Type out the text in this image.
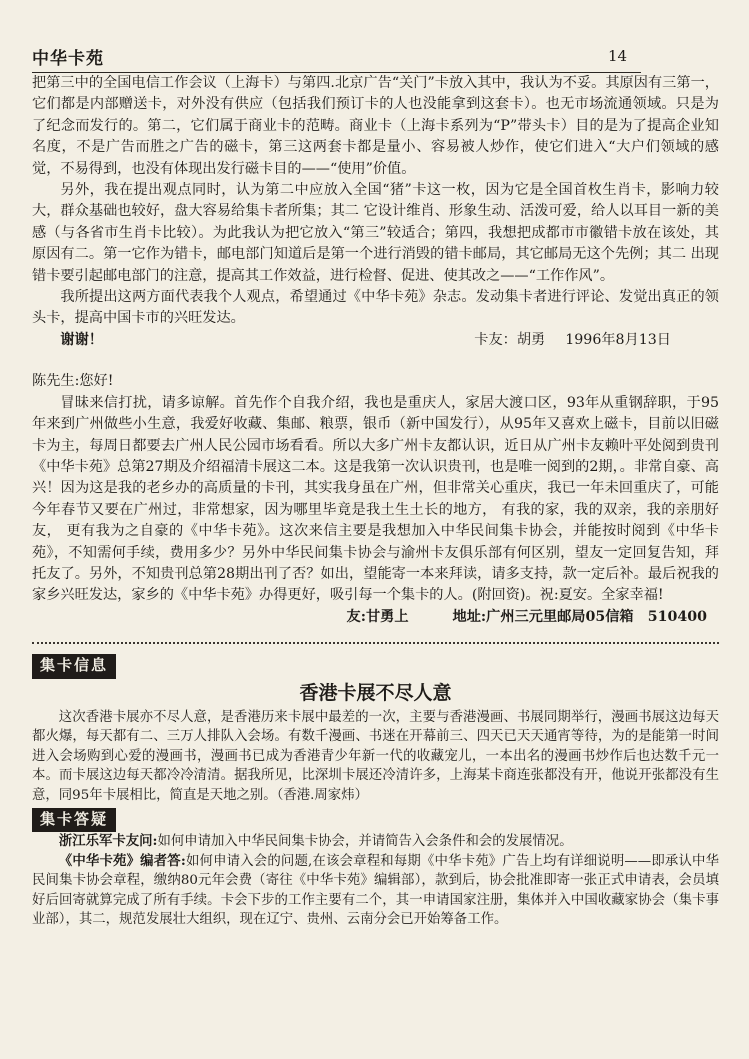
中华卡苑	14

把第三中的全国电信工作会议（上海卡）与第四.北京广告“关门”卡放入其中，我认为不妥。其原因有三第一，它们都是内部赠送卡，对外没有供应（包括我们预订卡的人也没能拿到这套卡）。也无市场流通领域。只是为了纪念而发行的。第二，它们属于商业卡的范畴。商业卡（上海卡系列为“P”带头卡）目的是为了提高企业知名度，不是广告而胜之广告的磁卡，第三这两套卡都是量小、容易被人炒作，使它们进入“大户们领域的感觉，不易得到，也没有体现出发行磁卡目的——“使用”价值。

另外，我在提出观点同时，认为第二中应放入全国“猪”卡这一枚，因为它是全国首枚生肖卡，影响力较大，群众基础也较好，盘大容易给集卡者所集；其二 它设计维肖、形象生动、活泼可爱，给人以耳目一新的美感（与各省市生肖卡比较）。为此我认为把它放入“第三”较适合；第四，我想把成都市市徽错卡放在该处，其原因有二。第一它作为错卡，邮电部门知道后是第一个进行消毁的错卡邮局，其它邮局无这个先例；其二 出现错卡要引起邮电部门的注意，提高其工作效益，进行检督、促进、使其改之——“工作作风”。

我所提出这两方面代表我个人观点，希望通过《中华卡苑》杂志。发动集卡者进行评论、发觉出真正的领头卡，提高中国卡市的兴旺发达。

卡友：胡勇 1996年8月13日

谢谢！

陈先生:您好!

冒昧来信打扰，请多谅解。首先作个自我介绍，我也是重庆人，家居大渡口区，93年从重钢辞职，于95年来到广州做些小生意，我爱好收藏、集邮、粮票，银币（新中国发行），从95年又喜欢上磁卡，目前以旧磁卡为主，每周日都要去广州人民公园市场看看。所以大多广州卡友都认识，近日从广州卡友赖叶平处阅到贵刊《中华卡苑》总第27期及介绍福清卡展这二本。这是我第一次认识贵刊，也是唯一阅到的2期，。非常自豪、高兴！因为这是我的老乡办的高质量的卡刊，其实我身虽在广州，但非常关心重庆，我已一年未回重庆了，可能今年春节又要在广州过，非常想家，因为哪里毕竟是我土生土长的地方， 有我的家，我的双亲，我的亲朋好友， 更有我为之自豪的《中华卡苑》。这次来信主要是我想加入中华民间集卡协会，并能按时阅到《中华卡苑》，不知需何手续，费用多少？另外中华民间集卡协会与渝州卡友俱乐部有何区别，望友一定回复告知，拜托友了。另外，不知贵刊总第28期出刊了否？如出，望能寄一本来拜读，请多支持，款一定后补。最后祝我的家乡兴旺发达，家乡的《中华卡苑》办得更好，吸引每一个集卡的人。(附回资)。祝:夏安。全家幸福!

友:甘勇上	地址:广州三元里邮局05信箱　510400
集卡信息
香港卡展不尽人意

这次香港卡展亦不尽人意，是香港历来卡展中最差的一次，主要与香港漫画、书展同期举行，漫画书展这边每天都火爆，每天都有二、三万人排队入会场。有数千漫画、书迷在开幕前三、四天已天天通宵等待，为的是能第一时间进入会场购到心爱的漫画书，漫画书已成为香港青少年新一代的收藏宠儿，一本出名的漫画书炒作后也达数千元一本。而卡展这边每天都冷冷清清。据我所见，比深圳卡展还冷清许多，上海某卡商连张都没有开，他说开张都没有生意，同95年卡展相比，简直是天地之别。（香港.周家炜）

集卡答疑

浙江乐军卡友问:如何申请加入中华民间集卡协会，并请简告入会条件和会的发展情况。

《中华卡苑》编者答:如何申请入会的问题,在该会章程和每期《中华卡苑》广告上均有详细说明——即承认中华民间集卡协会章程，缴纳80元年会费（寄往《中华卡苑》编辑部），款到后，协会批准即寄一张正式申请表，会员填好后回寄就算完成了所有手续。卡会下步的工作主要有二个，其一申请国家注册，集体并入中国收藏家协会（集卡事业部），其二，规范发展壮大组织，现在辽宁、贵州、云南分会已开始筹备工作。
